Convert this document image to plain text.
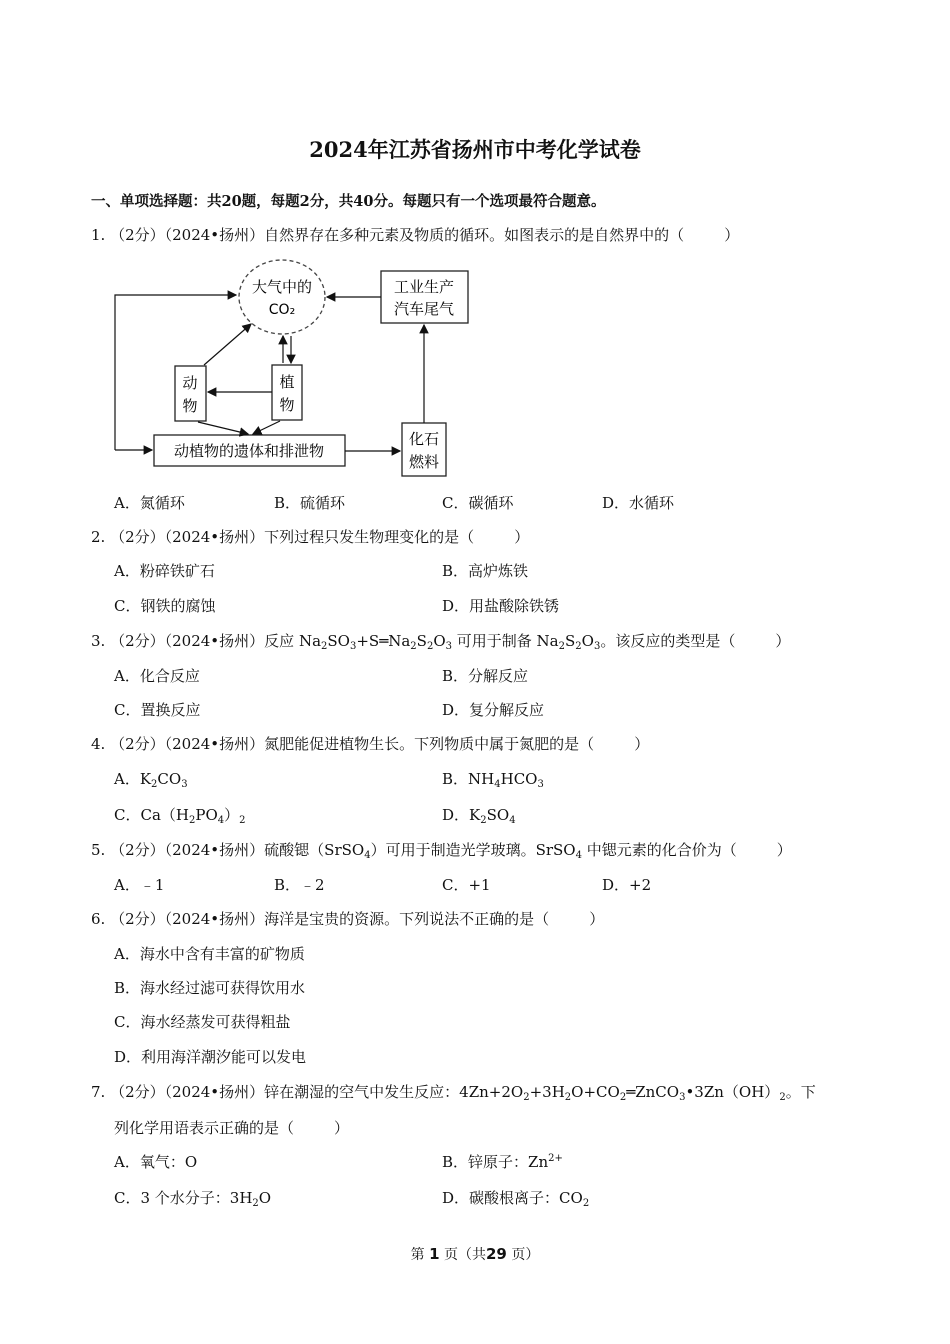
2024年江苏省扬州市中考化学试卷
一、单项选择题：共20题，每题2分，共40分。每题只有一个选项最符合题意。
1. （2分）（2024•扬州）自然界存在多种元素及物质的循环。如图表示的是自然界中的（	）
大气中的
CO₂
工业生产
汽车尾气
动
物
植
物
动植物的遗体和排泄物
化石
燃料
A．氮循环	B．硫循环	C．碳循环	D．水循环
2. （2分）（2024•扬州）下列过程只发生物理变化的是（	）
A．粉碎铁矿石	B．高炉炼铁
C．钢铁的腐蚀	D．用盐酸除铁锈
3. （2分）（2024•扬州）反应 $Na_2SO_3+S═Na_2S_2O_3$ 可用于制备 $Na_2S_2O_3$。该反应的类型是（	）
A．化合反应	B．分解反应
C．置换反应	D．复分解反应
4. （2分）（2024•扬州）氮肥能促进植物生长。下列物质中属于氮肥的是（	）
A．$K_2CO_3$	B．$NH_4HCO_3$
C．$Ca(H_2PO_4)_2$	D．$K_2SO_4$
5. （2分）（2024•扬州）硫酸锶（SrSO$_4$）可用于制造光学玻璃。SrSO$_4$ 中锶元素的化合价为（	）
A．﹣1	B．﹣2	C．+1	D．+2
6. （2分）（2024•扬州）海洋是宝贵的资源。下列说法不正确的是（	）
A．海水中含有丰富的矿物质
B．海水经过滤可获得饮用水
C．海水经蒸发可获得粗盐
D．利用海洋潮汐能可以发电
7. （2分）（2024•扬州）锌在潮湿的空气中发生反应：$4Zn+2O_2+3H_2O+CO_2═ZnCO_3•3Zn(OH)_2$。下
列化学用语表示正确的是（	）
A．氧气：O	B．锌原子：$Zn^{2+}$
C．3 个水分子：$3H_2O$	D．碳酸根离子：$CO_2$
第 1 页（共29 页）
